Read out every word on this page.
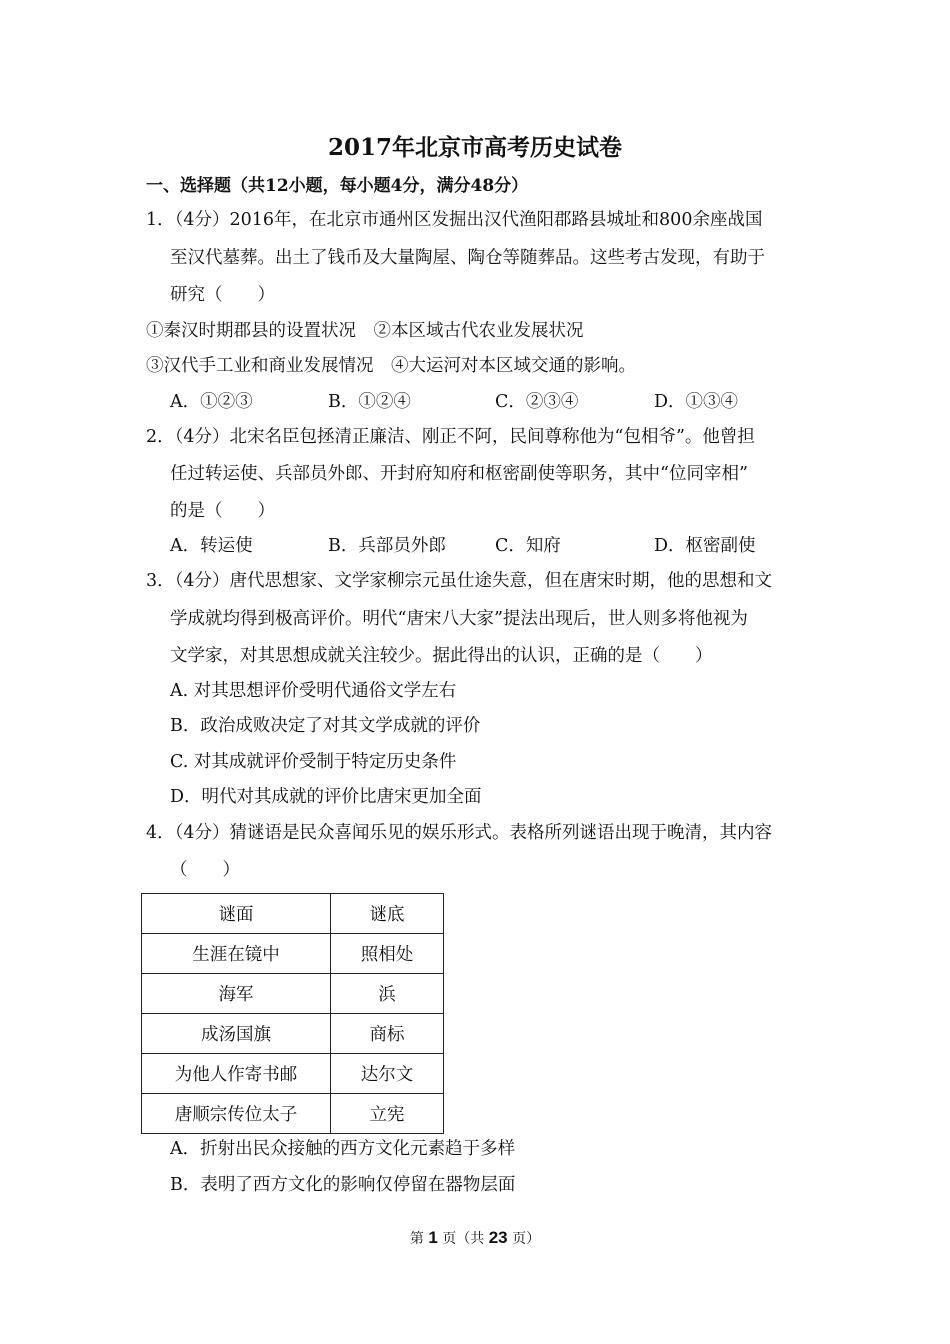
2017年北京市高考历史试卷
一、选择题（共12小题，每小题4分，满分48分）
1．（4分）2016年，在北京市通州区发掘出汉代渔阳郡路县城址和800余座战国
至汉代墓葬。出土了钱币及大量陶屋、陶仓等随葬品。这些考古发现，有助于
研究（　　）
①秦汉时期郡县的设置状况　②本区域古代农业发展状况
③汉代手工业和商业发展情况　④大运河对本区域交通的影响。
A．①②③	B．①②④	C．②③④	D．①③④
2．（4分）北宋名臣包拯清正廉洁、刚正不阿，民间尊称他为“包相爷”。他曾担
任过转运使、兵部员外郎、开封府知府和枢密副使等职务，其中“位同宰相”
的是（　　）
A．转运使	B．兵部员外郎	C．知府	D．枢密副使
3．（4分）唐代思想家、文学家柳宗元虽仕途失意，但在唐宋时期，他的思想和文
学成就均得到极高评价。明代“唐宋八大家”提法出现后，世人则多将他视为
文学家，对其思想成就关注较少。据此得出的认识，正确的是（　　）
A. 对其思想评价受明代通俗文学左右
B．政治成败决定了对其文学成就的评价
C. 对其成就评价受制于特定历史条件
D．明代对其成就的评价比唐宋更加全面
4．（4分）猜谜语是民众喜闻乐见的娱乐形式。表格所列谜语出现于晚清，其内容
（　　）
谜面	谜底
生涯在镜中	照相处
海军	浜
成汤国旗	商标
为他人作寄书邮	达尔文
唐顺宗传位太子	立宪
A．折射出民众接触的西方文化元素趋于多样
B．表明了西方文化的影响仅停留在器物层面
第 1 页（共 23 页）
